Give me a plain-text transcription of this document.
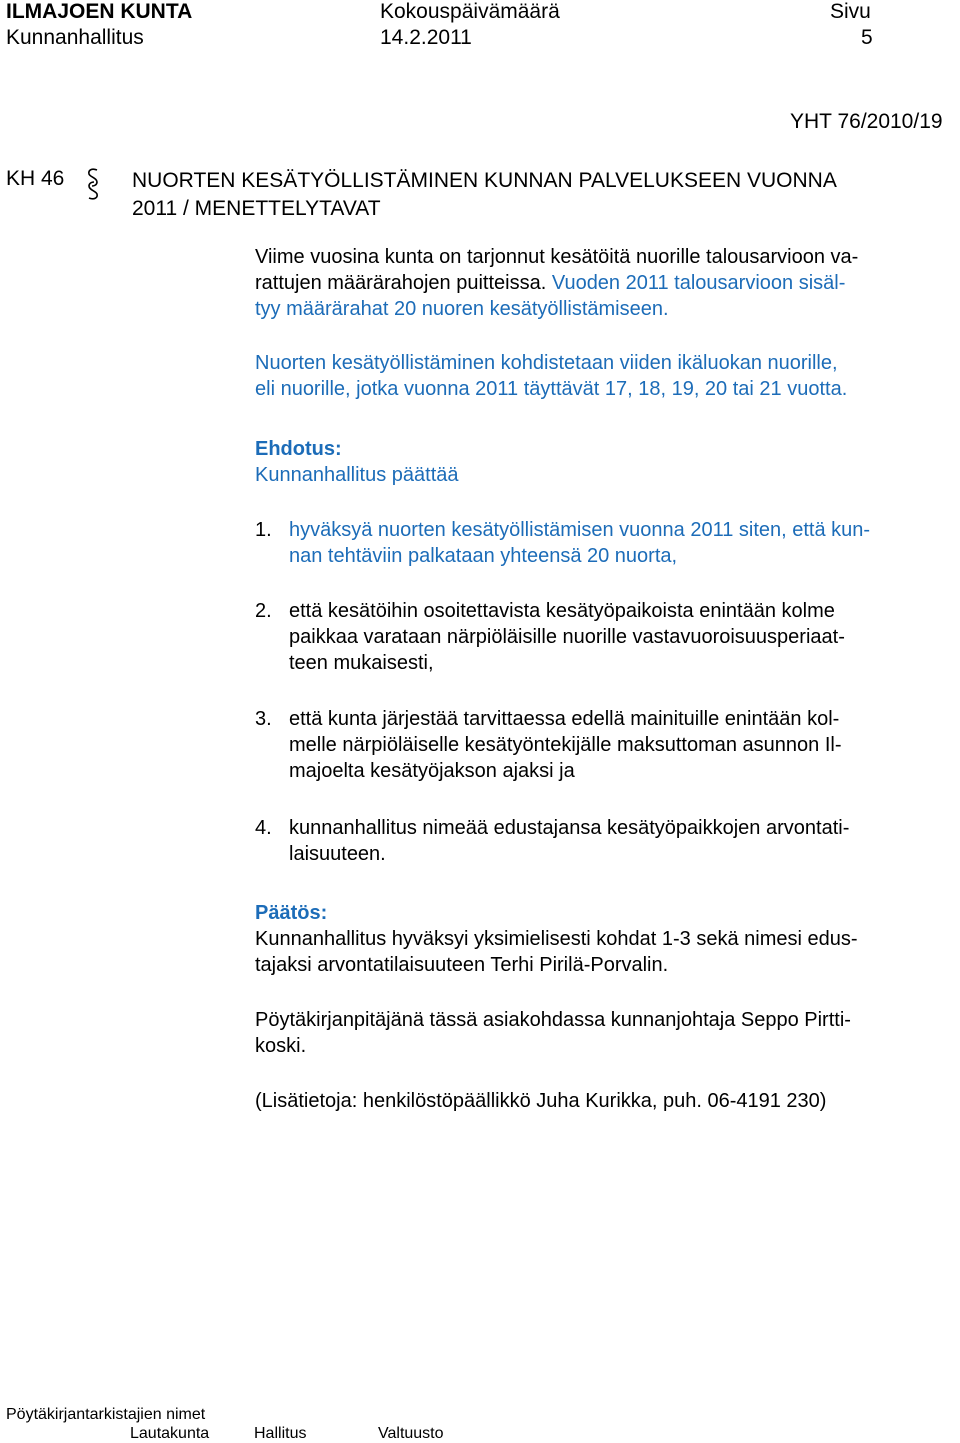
ILMAJOEN KUNTA
Kunnanhallitus
Kokouspäivämäärä
14.2.2011
Sivu
5
YHT 76/2010/19
KH 46	NUORTEN KESÄTYÖLLISTÄMINEN KUNNAN PALVELUKSEEN VUONNA
2011 / MENETTELYTAVAT

Viime vuosina kunta on tarjonnut kesätöitä nuorille talousarvioon va-

rattujen määrärahojen puitteissa. Vuoden 2011 talousarvioon sisäl-

tyy määrärahat 20 nuoren kesätyöllistämiseen.

Nuorten kesätyöllistäminen kohdistetaan viiden ikäluokan nuorille,

eli nuorille, jotka vuonna 2011 täyttävät 17, 18, 19, 20 tai 21 vuotta.

Ehdotus:

Kunnanhallitus päättää

1. hyväksyä nuorten kesätyöllistämisen vuonna 2011 siten, että kun-

nan tehtäviin palkataan yhteensä 20 nuorta,

2. että kesätöihin osoitettavista kesätyöpaikoista enintään kolme

paikkaa varataan närpiöläisille nuorille vastavuoroisuusperiaat-

teen mukaisesti,

3. että kunta järjestää tarvittaessa edellä mainituille enintään kol-

melle närpiöläiselle kesätyöntekijälle maksuttoman asunnon Il-

majoelta kesätyöjakson ajaksi ja

4. kunnanhallitus nimeää edustajansa kesätyöpaikkojen arvontati-

laisuuteen.

Päätös:

Kunnanhallitus hyväksyi yksimielisesti kohdat 1-3 sekä nimesi edus-

tajaksi arvontatilaisuuteen Terhi Pirilä-Porvalin.

Pöytäkirjanpitäjänä tässä asiakohdassa kunnanjohtaja Seppo Pirtti-

koski.

(Lisätietoja: henkilöstöpäällikkö Juha Kurikka, puh. 06-4191 230)

Pöytäkirjantarkistajien nimet
Lautakunta	Hallitus	Valtuusto
